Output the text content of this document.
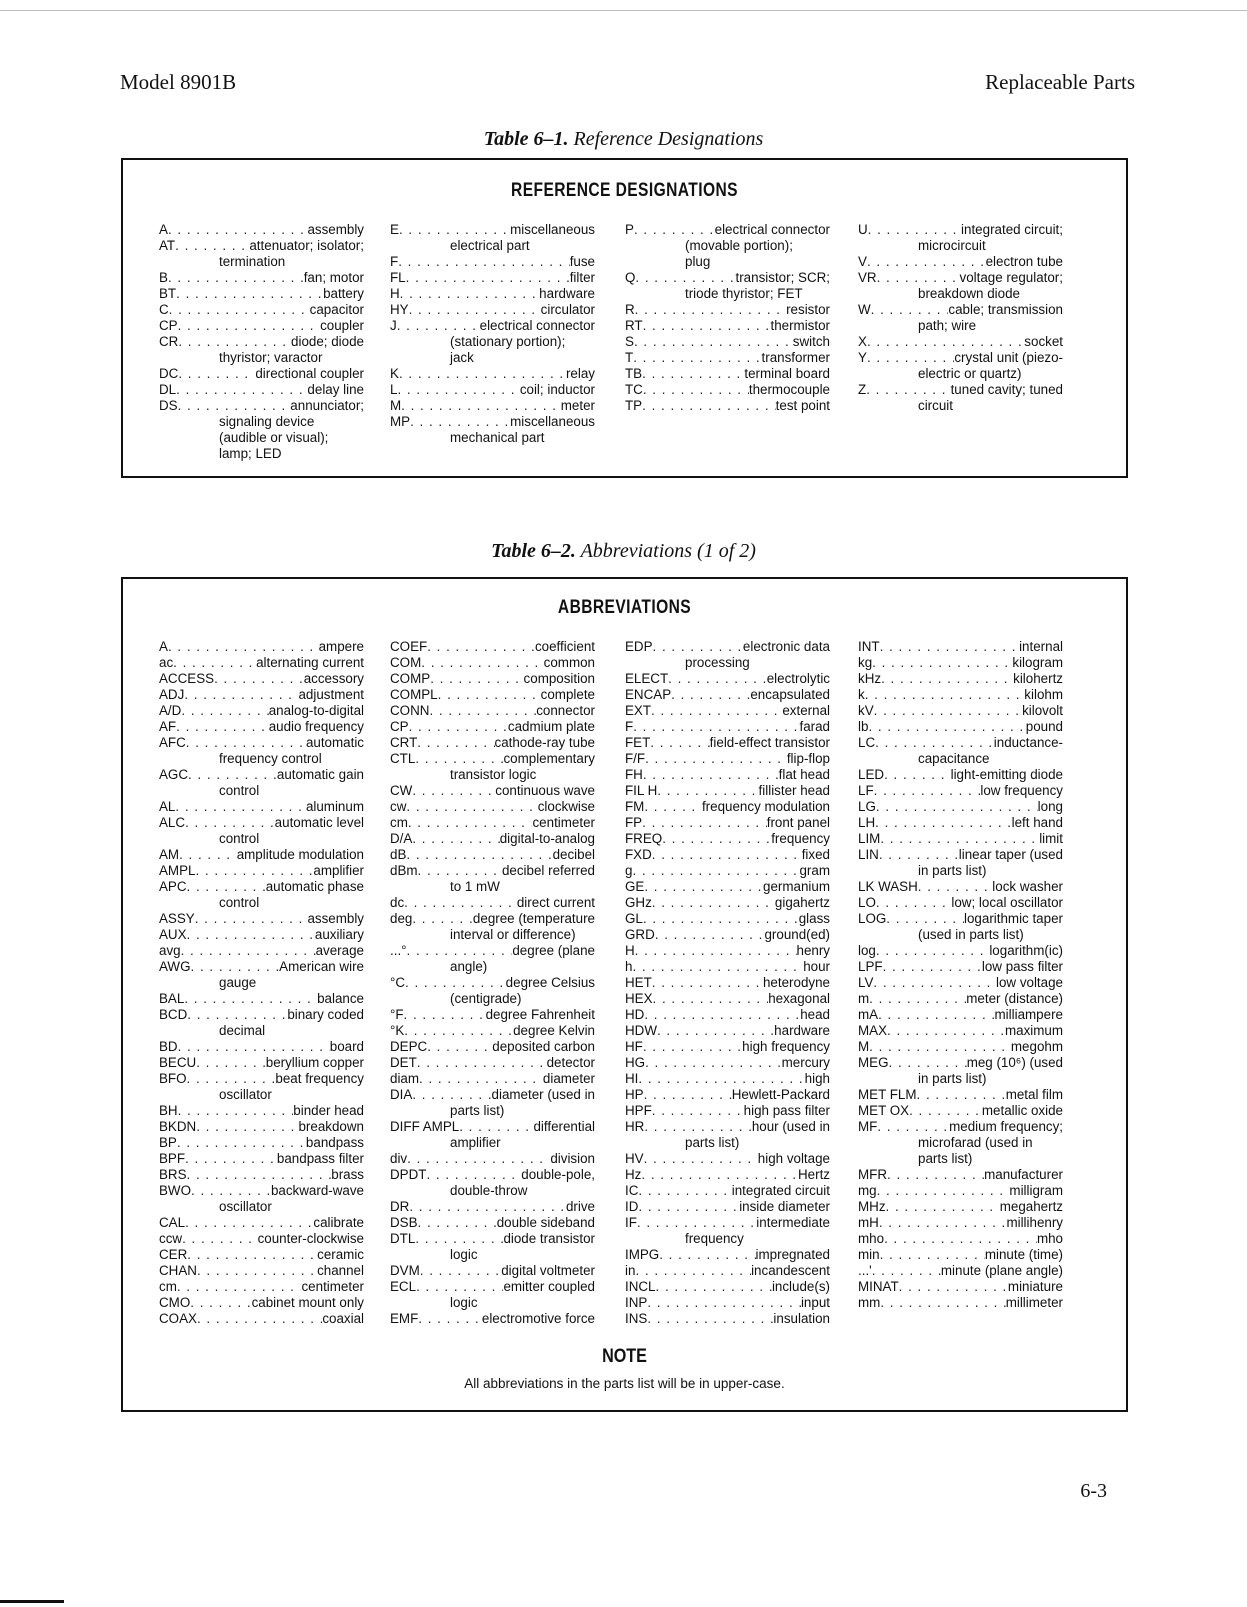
Model 8901B	Replaceable Parts
Table 6–1. Reference Designations
REFERENCE DESIGNATIONS
A . . .	assembly
AT . . .	attenuator; isolator;
termination
B . . .	fan; motor
BT . . .	battery
C . . .	capacitor
CP . . .	coupler
CR . . .	diode; diode
thyristor; varactor
DC . . .	directional coupler
DL . . .	delay line
DS . . .	annunciator;
signaling device
(audible or visual);
lamp; LED
E . . .	miscellaneous
electrical part
F . . .	fuse
FL . . .	filter
H . . .	hardware
HY . . .	circulator
J . . .	electrical connector
(stationary portion);
jack
K . . .	relay
L . . .	coil; inductor
M . . .	meter
MP . . .	miscellaneous
mechanical part
P . . .	electrical connector
(movable portion);
plug
Q . . .	transistor; SCR;
triode thyristor; FET
R . . .	resistor
RT . . .	thermistor
S . . .	switch
T . . .	transformer
TB . . .	terminal board
TC . . .	thermocouple
TP . . .	test point
U . . .	integrated circuit;
microcircuit
V . . .	electron tube
VR . . .	voltage regulator;
breakdown diode
W . . .	cable; transmission
path; wire
X . . .	socket
Y . . .	crystal unit (piezo-
electric or quartz)
Z . . .	tuned cavity; tuned
circuit
Table 6–2. Abbreviations (1 of 2)
ABBREVIATIONS
A . . .	ampere
ac . . .	alternating current
ACCESS . . .	accessory
ADJ . . .	adjustment
A/D . . .	analog-to-digital
AF . . .	audio frequency
AFC . . .	automatic
frequency control
AGC . . .	automatic gain
control
AL . . .	aluminum
ALC . . .	automatic level
control
AM . . .	amplitude modulation
AMPL . . .	amplifier
APC . . .	automatic phase
control
ASSY . . .	assembly
AUX . . .	auxiliary
avg . . .	average
AWG . . .	American wire
gauge
BAL . . .	balance
BCD . . .	binary coded
decimal
BD . . .	board
BECU . . .	beryllium copper
BFO . . .	beat frequency
oscillator
BH . . .	binder head
BKDN . . .	breakdown
BP . . .	bandpass
BPF . . .	bandpass filter
BRS . . .	brass
BWO . . .	backward-wave
oscillator
CAL . . .	calibrate
ccw . . .	counter-clockwise
CER . . .	ceramic
CHAN . . .	channel
cm . . .	centimeter
CMO . . .	cabinet mount only
COAX . . .	coaxial
COEF . . .	coefficient
COM . . .	common
COMP . . .	composition
COMPL . . .	complete
CONN . . .	connector
CP . . .	cadmium plate
CRT . . .	cathode-ray tube
CTL . . .	complementary
transistor logic
CW . . .	continuous wave
cw . . .	clockwise
cm . . .	centimeter
D/A . . .	digital-to-analog
dB . . .	decibel
dBm . . .	decibel referred
to 1 mW
dc . . .	direct current
deg . . .	degree (temperature
interval or difference)
...° . . .	degree (plane
angle)
°C . . .	degree Celsius
(centigrade)
°F . . .	degree Fahrenheit
°K . . .	degree Kelvin
DEPC . . .	deposited carbon
DET . . .	detector
diam . . .	diameter
DIA . . .	diameter (used in
parts list)
DIFF AMPL . . .	differential
amplifier
div . . .	division
DPDT . . .	double-pole,
double-throw
DR . . .	drive
DSB . . .	double sideband
DTL . . .	diode transistor
logic
DVM . . .	digital voltmeter
ECL . . .	emitter coupled
logic
EMF . . .	electromotive force
EDP . . .	electronic data
processing
ELECT . . .	electrolytic
ENCAP . . .	encapsulated
EXT . . .	external
F . . .	farad
FET . . .	field-effect transistor
F/F . . .	flip-flop
FH . . .	flat head
FIL H . . .	fillister head
FM . . .	frequency modulation
FP . . .	front panel
FREQ . . .	frequency
FXD . . .	fixed
g . . .	gram
GE . . .	germanium
GHz . . .	gigahertz
GL . . .	glass
GRD . . .	ground(ed)
H . . .	henry
h . . .	hour
HET . . .	heterodyne
HEX . . .	hexagonal
HD . . .	head
HDW . . .	hardware
HF . . .	high frequency
HG . . .	mercury
HI . . .	high
HP . . .	Hewlett-Packard
HPF . . .	high pass filter
HR . . .	hour (used in
parts list)
HV . . .	high voltage
Hz . . .	Hertz
IC . . .	integrated circuit
ID . . .	inside diameter
IF . . .	intermediate
frequency
IMPG . . .	impregnated
in . . .	incandescent
INCL . . .	include(s)
INP . . .	input
INS . . .	insulation
INT . . .	internal
kg . . .	kilogram
kHz . . .	kilohertz
k . . .	kilohm
kV . . .	kilovolt
lb . . .	pound
LC . . .	inductance-
capacitance
LED . . .	light-emitting diode
LF . . .	low frequency
LG . . .	long
LH . . .	left hand
LIM . . .	limit
LIN . . .	linear taper (used
in parts list)
LK WASH . . .	lock washer
LO . . .	low; local oscillator
LOG . . .	logarithmic taper
(used in parts list)
log . . .	logarithm(ic)
LPF . . .	low pass filter
LV . . .	low voltage
m . . .	meter (distance)
mA . . .	milliampere
MAX . . .	maximum
M . . .	megohm
MEG . . .	meg (10⁶) (used
in parts list)
MET FLM . . .	metal film
MET OX . . .	metallic oxide
MF . . .	medium frequency;
microfarad (used in
parts list)
MFR . . .	manufacturer
mg . . .	milligram
MHz . . .	megahertz
mH . . .	millihenry
mho . . .	mho
min . . .	minute (time)
...' . . .	minute (plane angle)
MINAT . . .	miniature
mm . . .	millimeter
NOTE
All abbreviations in the parts list will be in upper-case.
6-3
